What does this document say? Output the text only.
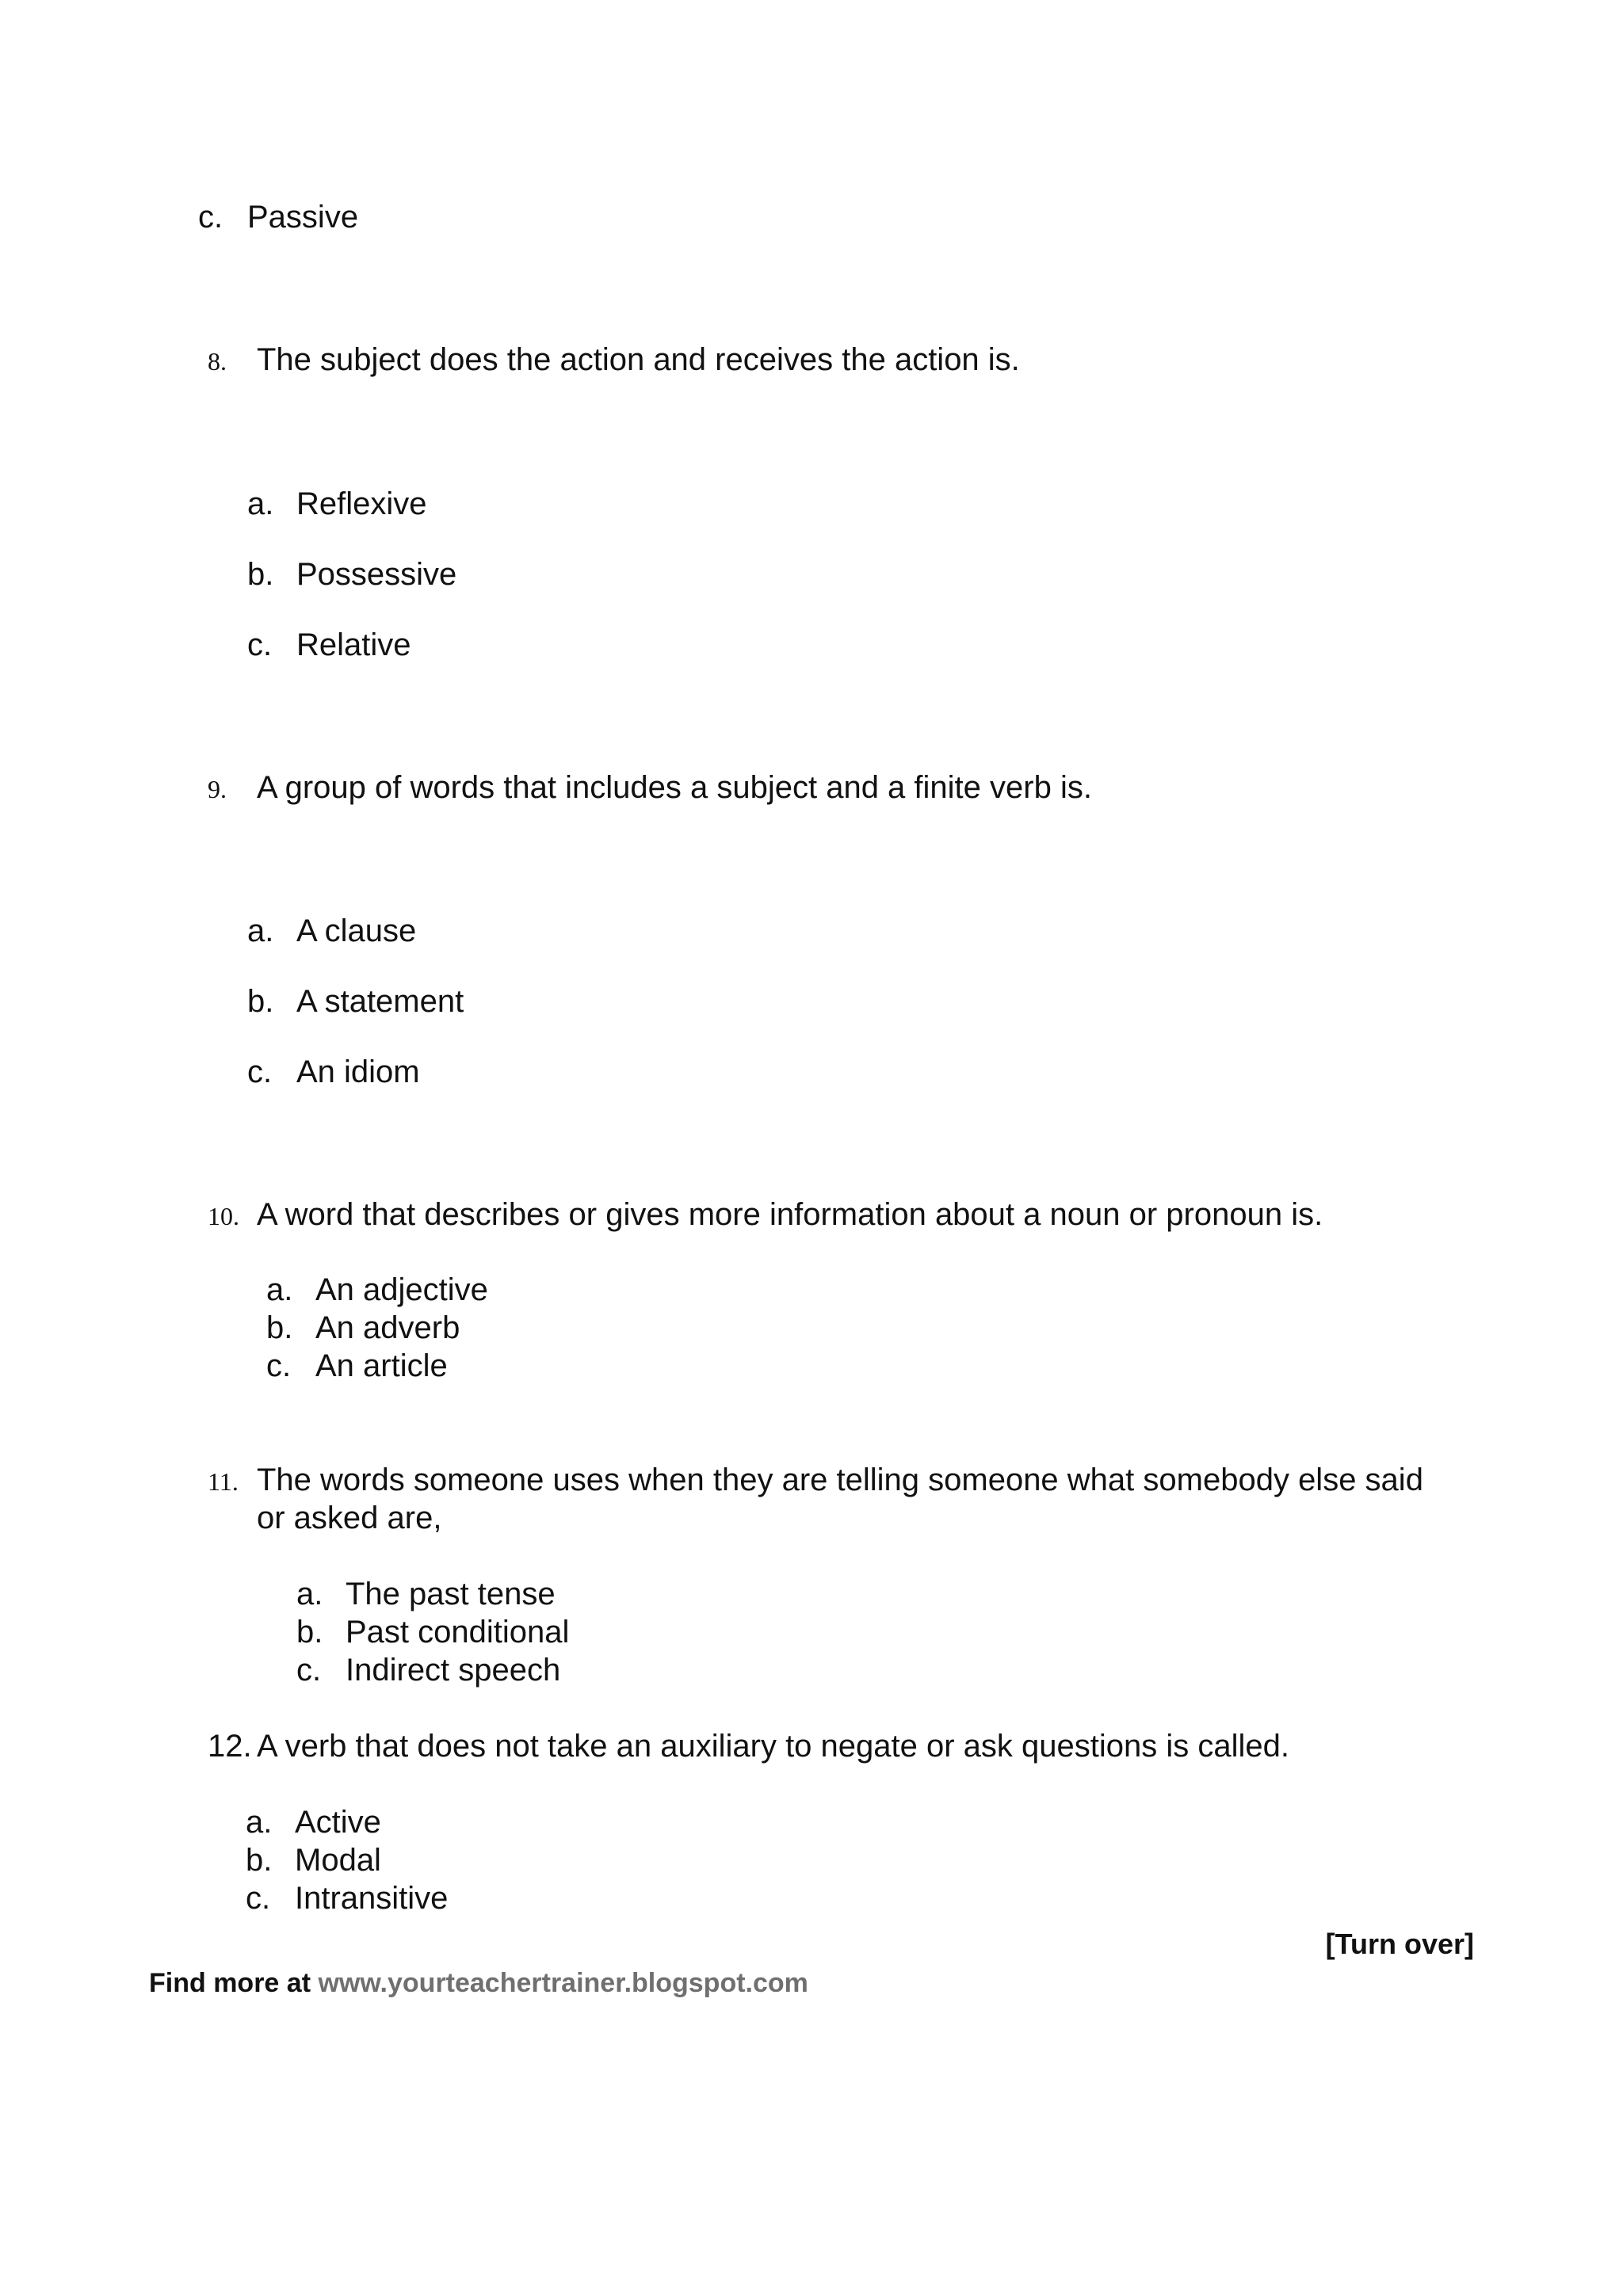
c. Passive
8. The subject does the action and receives the action is.
a. Reflexive
b. Possessive
c. Relative
9. A group of words that includes a subject and a finite verb is.
a. A clause
b. A statement
c. An idiom
10. A word that describes or gives more information about a noun or pronoun is.
a. An adjective
b. An adverb
c. An article
11. The words someone uses when they are telling someone what somebody else said
or asked are,
a. The past tense
b. Past conditional
c. Indirect speech
12. A verb that does not take an auxiliary to negate or ask questions is called.
a. Active
b. Modal
c. Intransitive
[Turn over]
Find more at www.yourteachertrainer.blogspot.com
